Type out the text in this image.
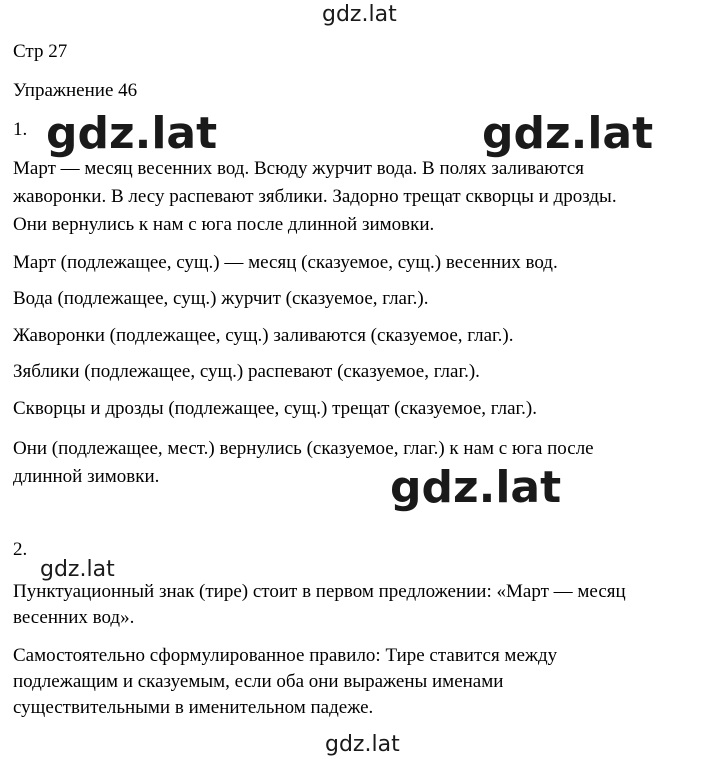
gdz.lat
gdz.lat	gdz.lat
gdz.lat
gdz.lat
gdz.lat
Стр 27
Упражнение 46
1.
Март — месяц весенних вод. Всюду журчит вода. В полях заливаются
жаворонки. В лесу распевают зяблики. Задорно трещат скворцы и дрозды.
Они вернулись к нам с юга после длинной зимовки.
Март (подлежащее, сущ.) — месяц (сказуемое, сущ.) весенних вод.
Вода (подлежащее, сущ.) журчит (сказуемое, глаг.).
Жаворонки (подлежащее, сущ.) заливаются (сказуемое, глаг.).
Зяблики (подлежащее, сущ.) распевают (сказуемое, глаг.).
Скворцы и дрозды (подлежащее, сущ.) трещат (сказуемое, глаг.).
Они (подлежащее, мест.) вернулись (сказуемое, глаг.) к нам с юга после
длинной зимовки.
2.
Пунктуационный знак (тире) стоит в первом предложении: «Март — месяц
весенних вод».
Самостоятельно сформулированное правило: Тире ставится между
подлежащим и сказуемым, если оба они выражены именами
существительными в именительном падеже.
